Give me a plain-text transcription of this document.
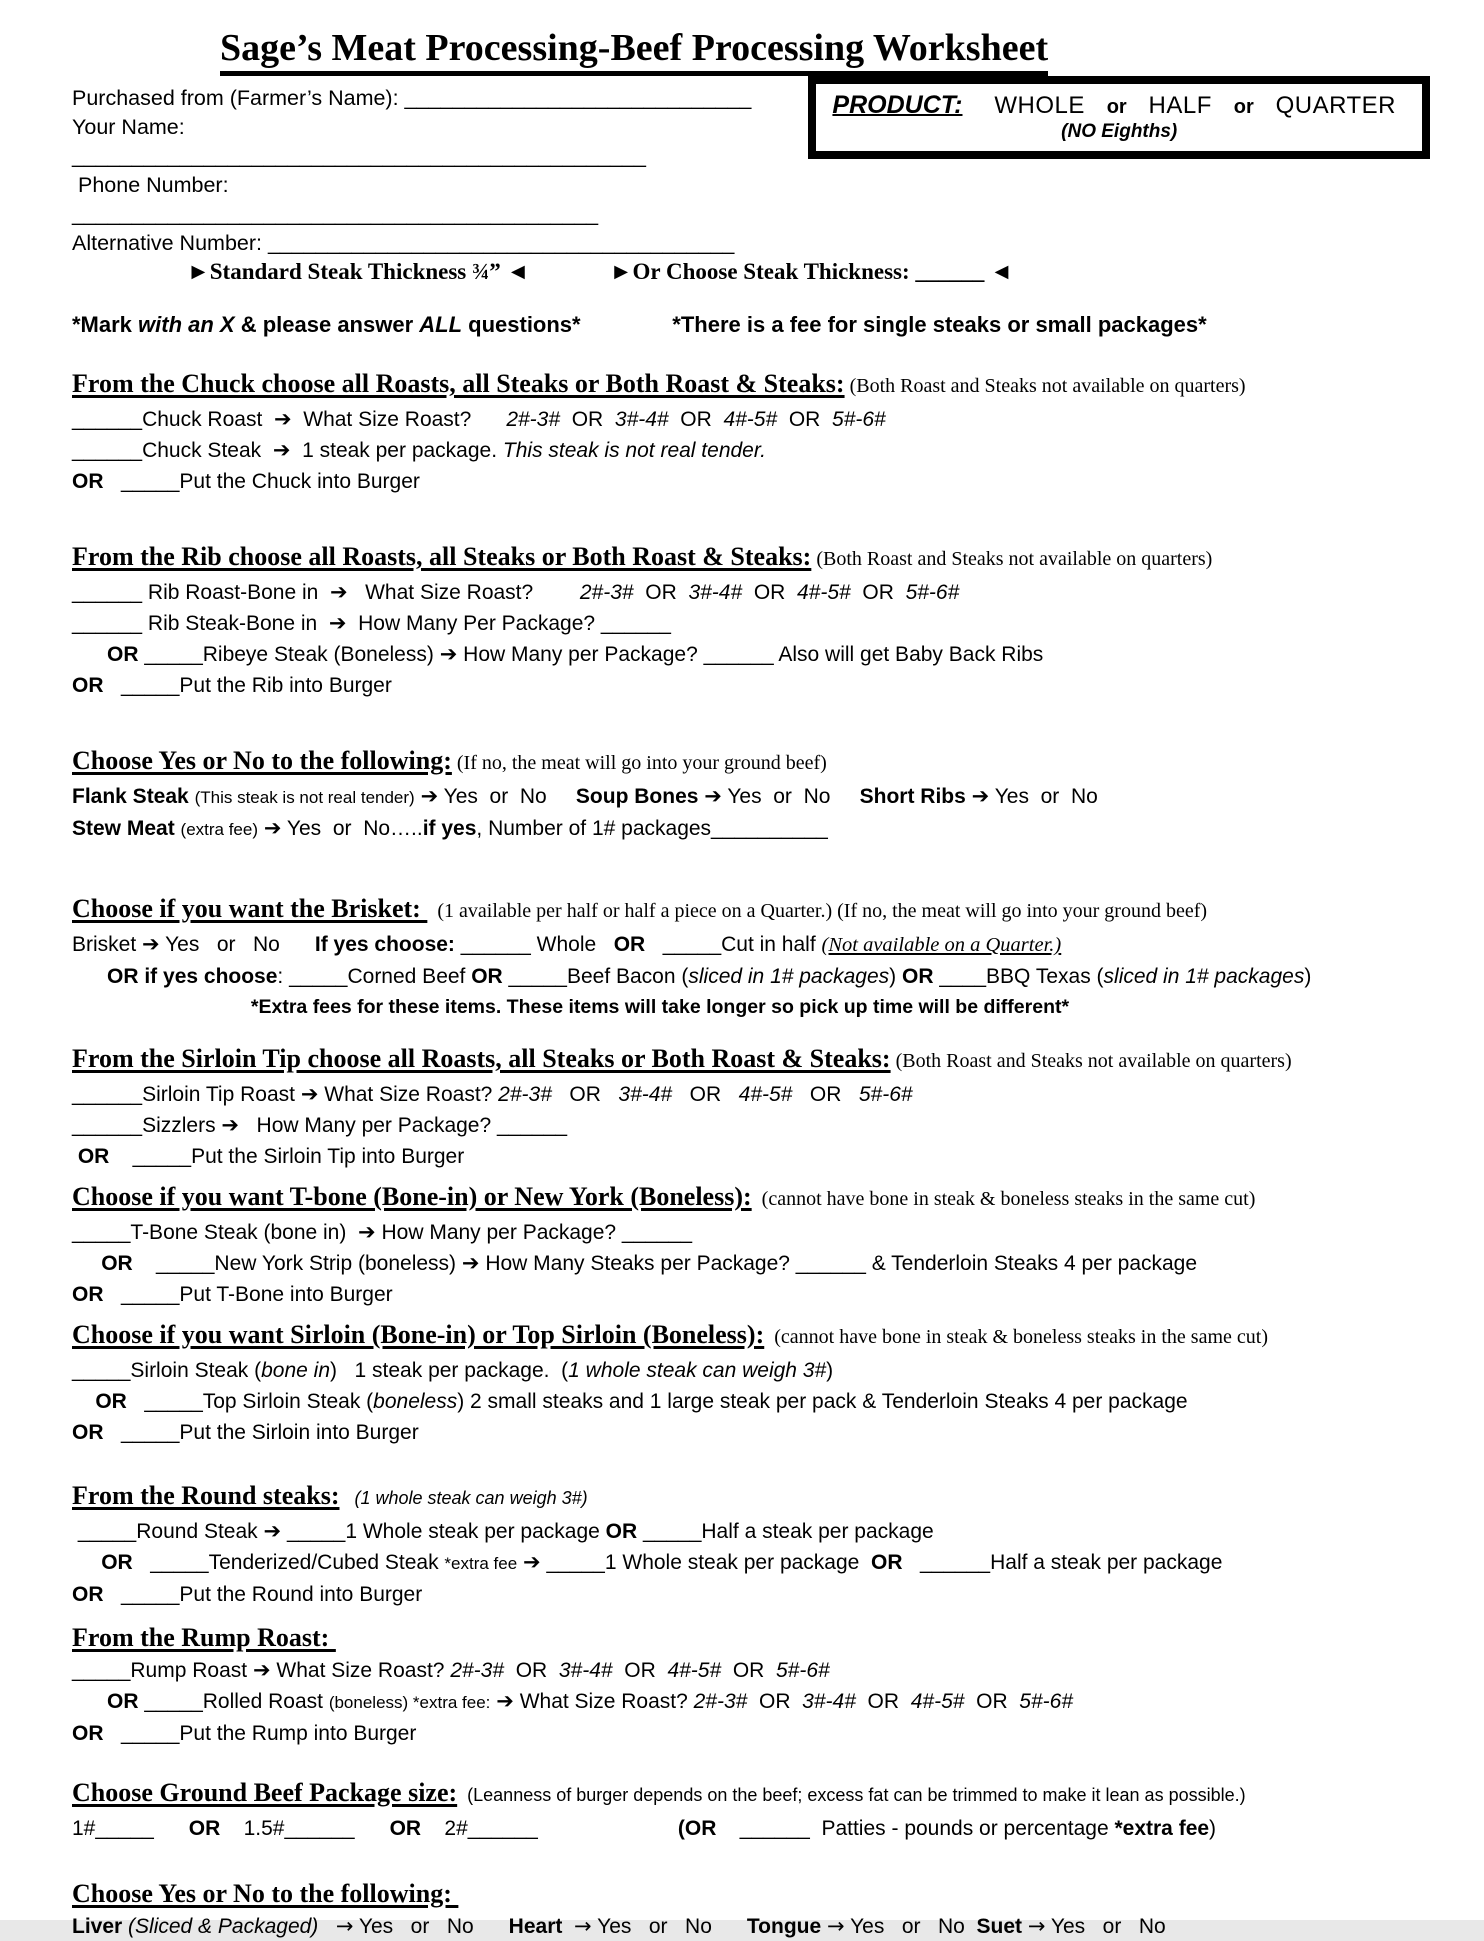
Sage’s Meat Processing-Beef Processing Worksheet
Purchased from (Farmer’s Name): _____________________________
Your Name: ________________________________________________
Phone Number: ____________________________________________
Alternative Number: _______________________________________
PRODUCT: WHOLE or HALF or QUARTER
(NO Eighths)
►Standard Steak Thickness ¾” ◄              ►Or Choose Steak Thickness: ______ ◄
*Mark with an X & please answer ALL questions*	*There is a fee for single steaks or small packages*
From the Chuck choose all Roasts, all Steaks or Both Roast & Steaks: (Both Roast and Steaks not available on quarters)
______Chuck Roast  ➔  What Size Roast?      2#-3#  OR  3#-4#  OR  4#-5#  OR  5#-6#
______Chuck Steak  ➔  1 steak per package. This steak is not real tender.
OR   _____Put the Chuck into Burger
From the Rib choose all Roasts, all Steaks or Both Roast & Steaks: (Both Roast and Steaks not available on quarters)
______ Rib Roast-Bone in  ➔   What Size Roast?        2#-3#  OR  3#-4#  OR  4#-5#  OR  5#-6#
______ Rib Steak-Bone in  ➔  How Many Per Package? ______
OR _____Ribeye Steak (Boneless) ➔ How Many per Package? ______ Also will get Baby Back Ribs
OR   _____Put the Rib into Burger
Choose Yes or No to the following: (If no, the meat will go into your ground beef)
Flank Steak (This steak is not real tender) ➔ Yes  or  No     Soup Bones ➔ Yes  or  No     Short Ribs ➔ Yes  or  No
Stew Meat (extra fee) ➔ Yes  or  No…..if yes, Number of 1# packages__________
Choose if you want the Brisket:   (1 available per half or half a piece on a Quarter.) (If no, the meat will go into your ground beef)
Brisket ➔ Yes   or   No      If yes choose: ______ Whole   OR   _____Cut in half (Not available on a Quarter.)
OR if yes choose: _____Corned Beef OR _____Beef Bacon (sliced in 1# packages) OR ____BBQ Texas (sliced in 1# packages)
*Extra fees for these items. These items will take longer so pick up time will be different*
From the Sirloin Tip choose all Roasts, all Steaks or Both Roast & Steaks: (Both Roast and Steaks not available on quarters)
______Sirloin Tip Roast ➔ What Size Roast? 2#-3#   OR   3#-4#   OR   4#-5#   OR   5#-6#
______Sizzlers ➔   How Many per Package? ______
OR    _____Put the Sirloin Tip into Burger
Choose if you want T-bone (Bone-in) or New York (Boneless):  (cannot have bone in steak & boneless steaks in the same cut)
_____T-Bone Steak (bone in)  ➔ How Many per Package? ______
OR    _____New York Strip (boneless) ➔ How Many Steaks per Package? ______ & Tenderloin Steaks 4 per package
OR   _____Put T-Bone into Burger
Choose if you want Sirloin (Bone-in) or Top Sirloin (Boneless):  (cannot have bone in steak & boneless steaks in the same cut)
_____Sirloin Steak (bone in)   1 steak per package.  (1 whole steak can weigh 3#)
OR   _____Top Sirloin Steak (boneless) 2 small steaks and 1 large steak per pack & Tenderloin Steaks 4 per package
OR   _____Put the Sirloin into Burger
From the Round steaks:   (1 whole steak can weigh 3#)
_____Round Steak ➔ _____1 Whole steak per package OR _____Half a steak per package
OR   _____Tenderized/Cubed Steak *extra fee ➔ _____1 Whole steak per package  OR   ______Half a steak per package
OR   _____Put the Round into Burger
From the Rump Roast:
_____Rump Roast ➔ What Size Roast? 2#-3#  OR  3#-4#  OR  4#-5#  OR  5#-6#
OR _____Rolled Roast (boneless) *extra fee: ➔ What Size Roast? 2#-3#  OR  3#-4#  OR  4#-5#  OR  5#-6#
OR   _____Put the Rump into Burger
Choose Ground Beef Package size:  (Leanness of burger depends on the beef; excess fat can be trimmed to make it lean as possible.)
1#_____      OR    1.5#______      OR    2#______                        (OR    ______  Patties - pounds or percentage *extra fee)
Choose Yes or No to the following:
Liver (Sliced & Packaged) → Yes   or   No      Heart → Yes   or   No      Tongue → Yes   or   No  Suet → Yes   or   No
